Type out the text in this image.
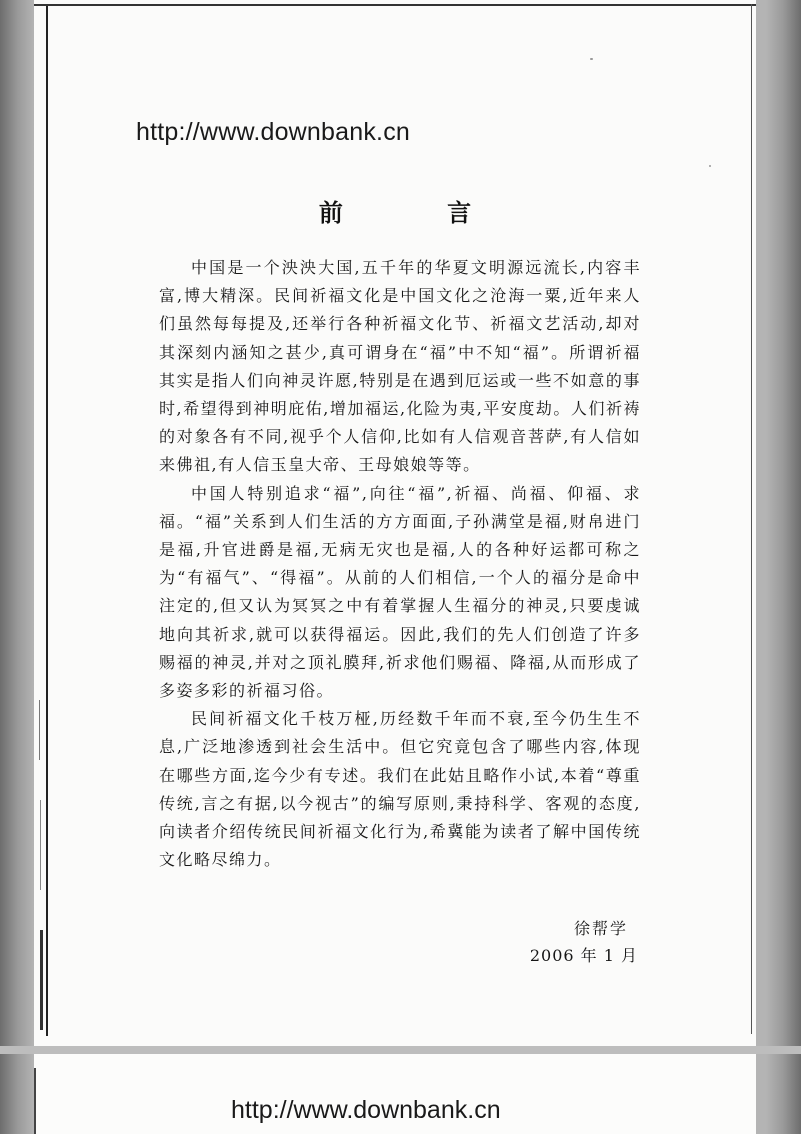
http://www.downbank.cn
前 言

中国是一个泱泱大国,五千年的华夏文明源远流长,内容丰富,博大精深。民间祈福文化是中国文化之沧海一粟,近年来人们虽然每每提及,还举行各种祈福文化节、祈福文艺活动,却对其深刻内涵知之甚少,真可谓身在“福”中不知“福”。所谓祈福其实是指人们向神灵许愿,特别是在遇到厄运或一些不如意的事时,希望得到神明庇佑,增加福运,化险为夷,平安度劫。人们祈祷的对象各有不同,视乎个人信仰,比如有人信观音菩萨,有人信如来佛祖,有人信玉皇大帝、王母娘娘等等。

中国人特别追求“福”,向往“福”,祈福、尚福、仰福、求福。“福”关系到人们生活的方方面面,子孙满堂是福,财帛进门是福,升官进爵是福,无病无灾也是福,人的各种好运都可称之为“有福气”、“得福”。从前的人们相信,一个人的福分是命中注定的,但又认为冥冥之中有着掌握人生福分的神灵,只要虔诚地向其祈求,就可以获得福运。因此,我们的先人们创造了许多赐福的神灵,并对之顶礼膜拜,祈求他们赐福、降福,从而形成了多姿多彩的祈福习俗。

民间祈福文化千枝万桠,历经数千年而不衰,至今仍生生不息,广泛地渗透到社会生活中。但它究竟包含了哪些内容,体现在哪些方面,迄今少有专述。我们在此姑且略作小试,本着“尊重传统,言之有据,以今视古”的编写原则,秉持科学、客观的态度,向读者介绍传统民间祈福文化行为,希冀能为读者了解中国传统文化略尽绵力。

徐帮学
2006 年 1 月
http://www.downbank.cn
